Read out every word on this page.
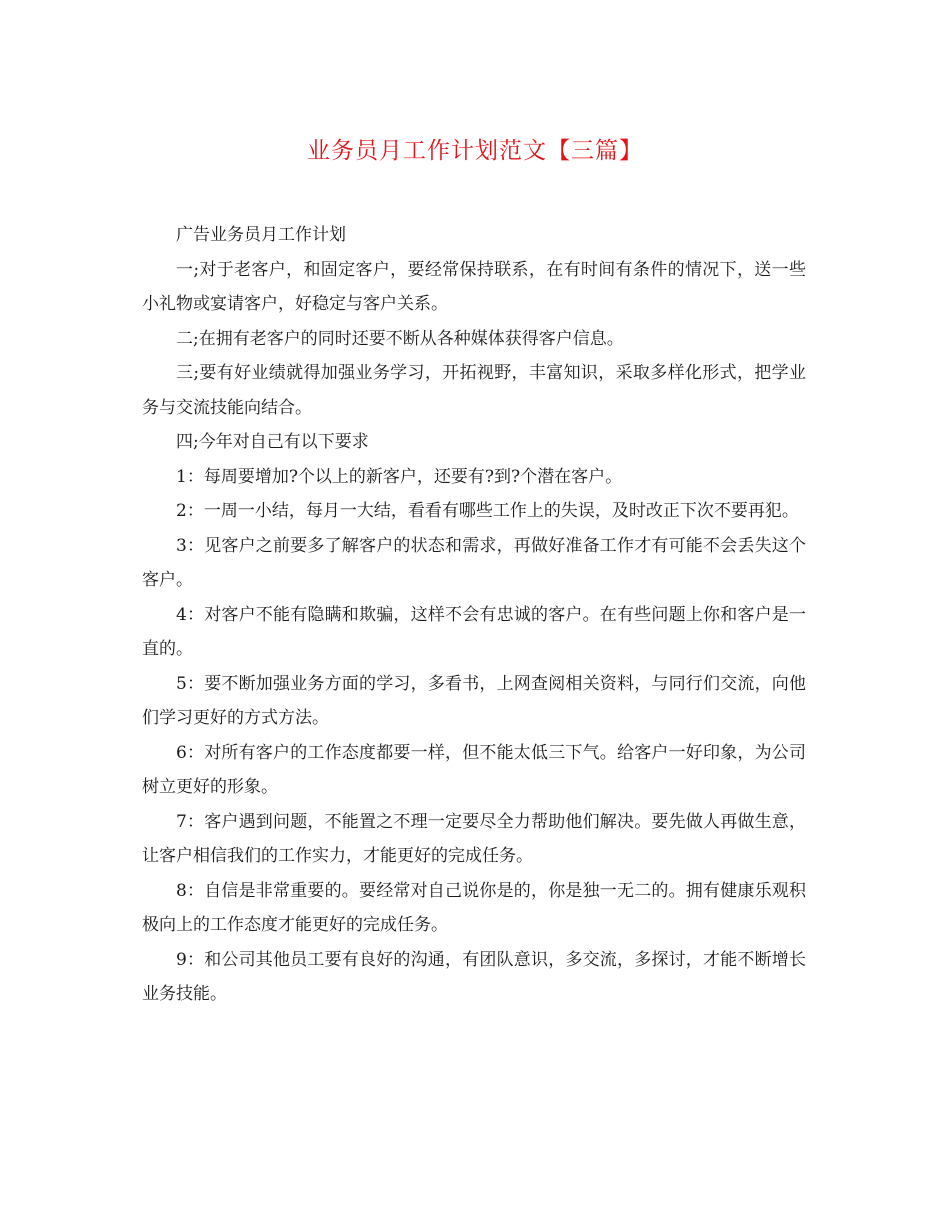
业务员月工作计划范文【三篇】

广告业务员月工作计划

一;对于老客户，和固定客户，要经常保持联系，在有时间有条件的情况下，送一些小礼物或宴请客户，好稳定与客户关系。

二;在拥有老客户的同时还要不断从各种媒体获得客户信息。

三;要有好业绩就得加强业务学习，开拓视野，丰富知识，采取多样化形式，把学业务与交流技能向结合。

四;今年对自己有以下要求

1：每周要增加?个以上的新客户，还要有?到?个潜在客户。

2：一周一小结，每月一大结，看看有哪些工作上的失误，及时改正下次不要再犯。

3：见客户之前要多了解客户的状态和需求，再做好准备工作才有可能不会丢失这个客户。

4：对客户不能有隐瞒和欺骗，这样不会有忠诚的客户。在有些问题上你和客户是一直的。

5：要不断加强业务方面的学习，多看书，上网查阅相关资料，与同行们交流，向他们学习更好的方式方法。

6：对所有客户的工作态度都要一样，但不能太低三下气。给客户一好印象，为公司树立更好的形象。

7：客户遇到问题，不能置之不理一定要尽全力帮助他们解决。要先做人再做生意，让客户相信我们的工作实力，才能更好的完成任务。

8：自信是非常重要的。要经常对自己说你是的，你是独一无二的。拥有健康乐观积极向上的工作态度才能更好的完成任务。

9：和公司其他员工要有良好的沟通，有团队意识，多交流，多探讨，才能不断增长业务技能。
